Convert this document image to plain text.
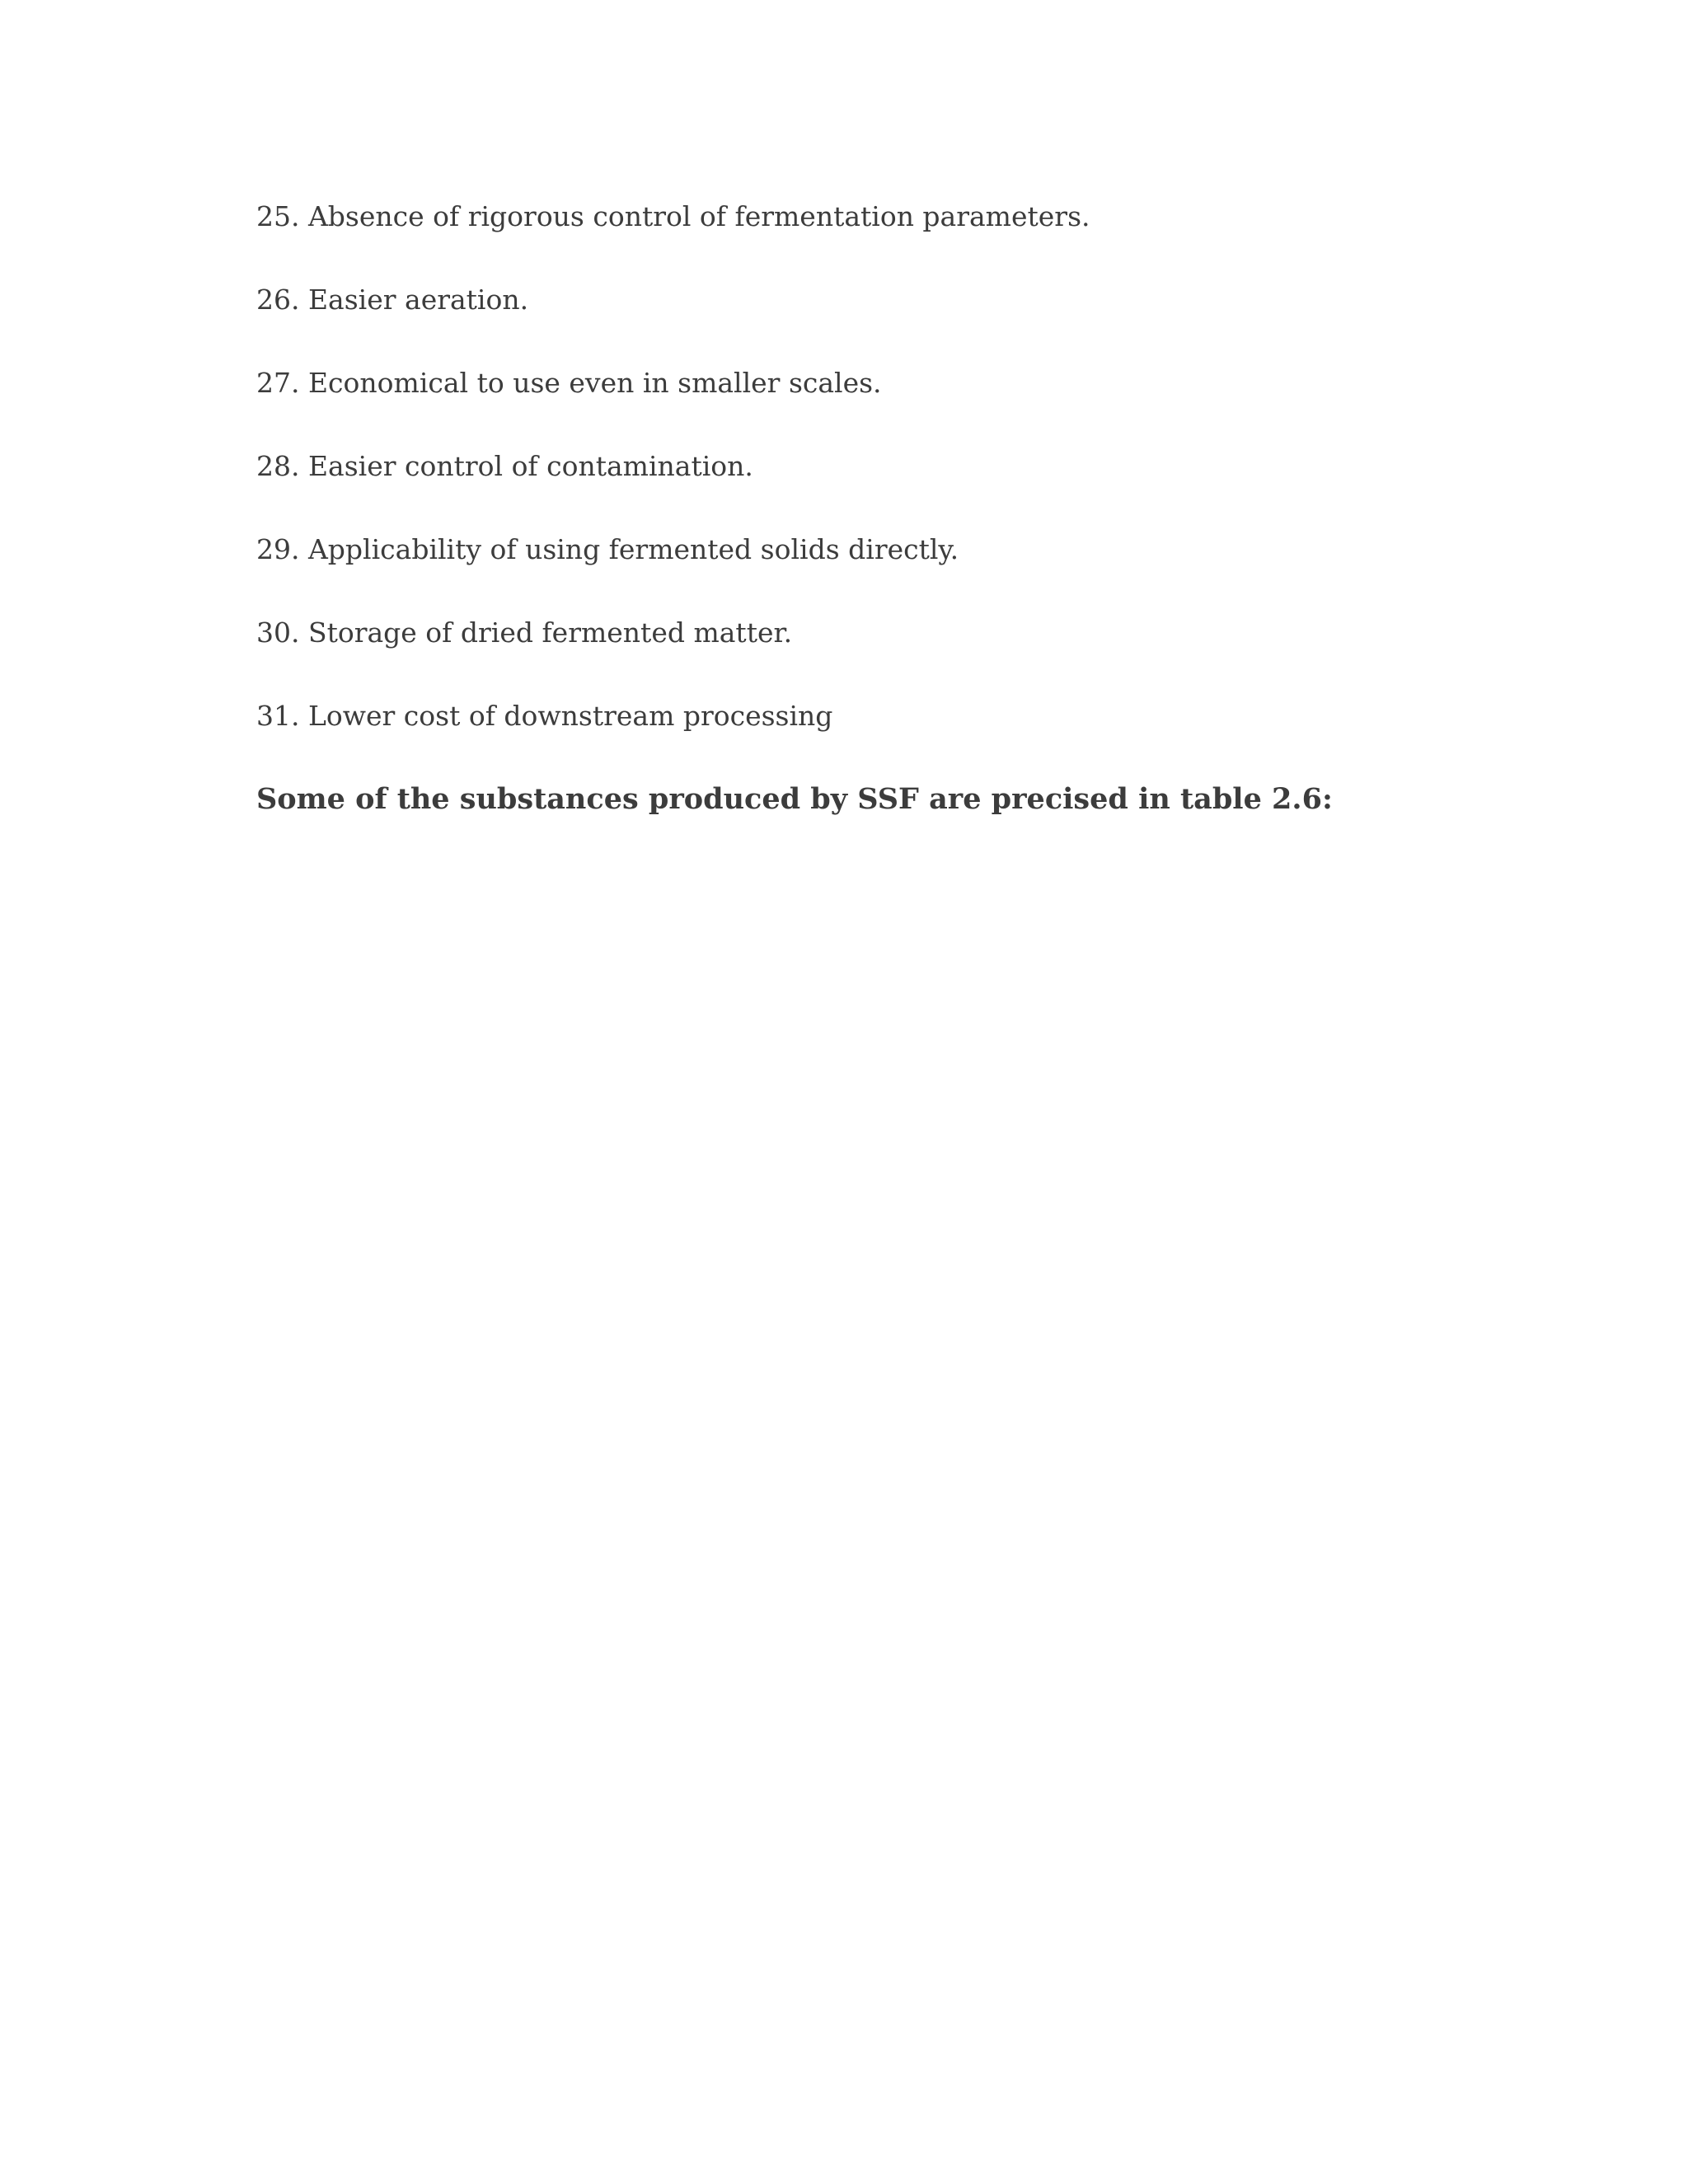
25. Absence of rigorous control of fermentation parameters.

26. Easier aeration.

27. Economical to use even in smaller scales.

28. Easier control of contamination.

29. Applicability of using fermented solids directly.

30. Storage of dried fermented matter.

31. Lower cost of downstream processing

Some of the substances produced by SSF are precised in table 2.6:
